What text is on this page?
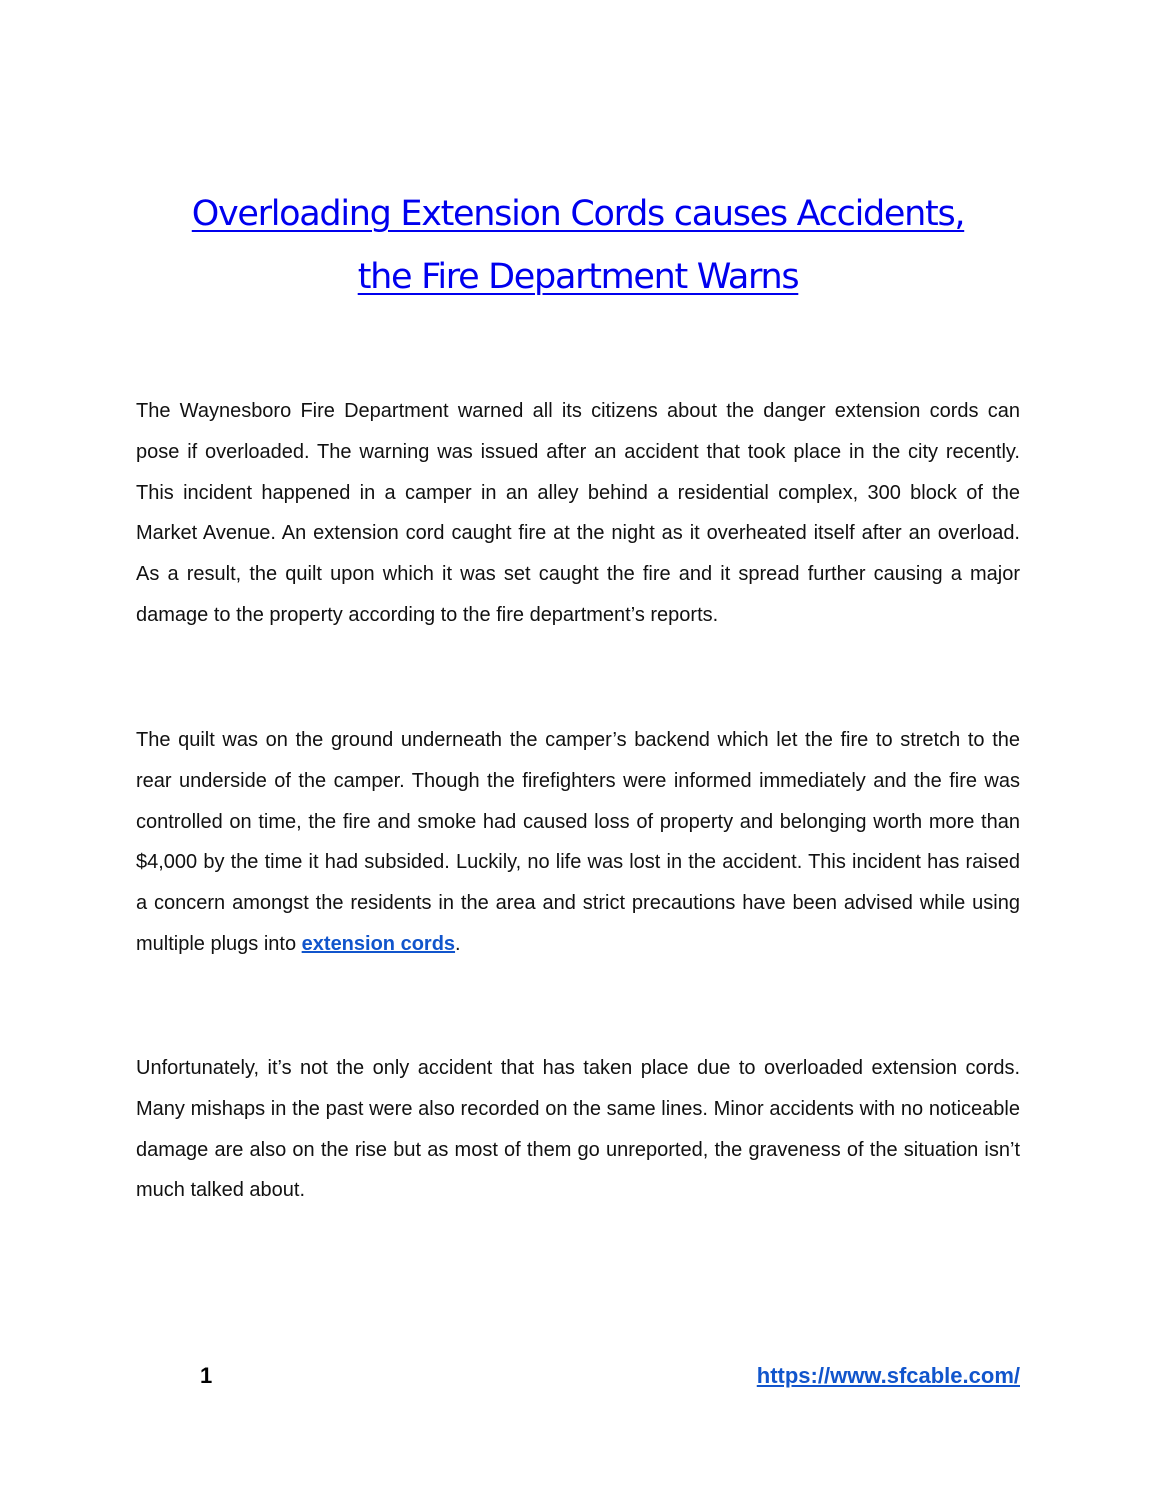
Overloading Extension Cords causes Accidents,
the Fire Department Warns

The Waynesboro Fire Department warned all its citizens about the danger extension cords can pose if overloaded. The warning was issued after an accident that took place in the city recently. This incident happened in a camper in an alley behind a residential complex, 300 block of the Market Avenue. An extension cord caught fire at the night as it overheated itself after an overload. As a result, the quilt upon which it was set caught the fire and it spread further causing a major damage to the property according to the fire department’s reports.

The quilt was on the ground underneath the camper’s backend which let the fire to stretch to the rear underside of the camper. Though the firefighters were informed immediately and the fire was controlled on time, the fire and smoke had caused loss of property and belonging worth more than $4,000 by the time it had subsided. Luckily, no life was lost in the accident. This incident has raised a concern amongst the residents in the area and strict precautions have been advised while using multiple plugs into extension cords.

Unfortunately, it’s not the only accident that has taken place due to overloaded extension cords. Many mishaps in the past were also recorded on the same lines. Minor accidents with no noticeable damage are also on the rise but as most of them go unreported, the graveness of the situation isn’t much talked about.

1	https://www.sfcable.com/
